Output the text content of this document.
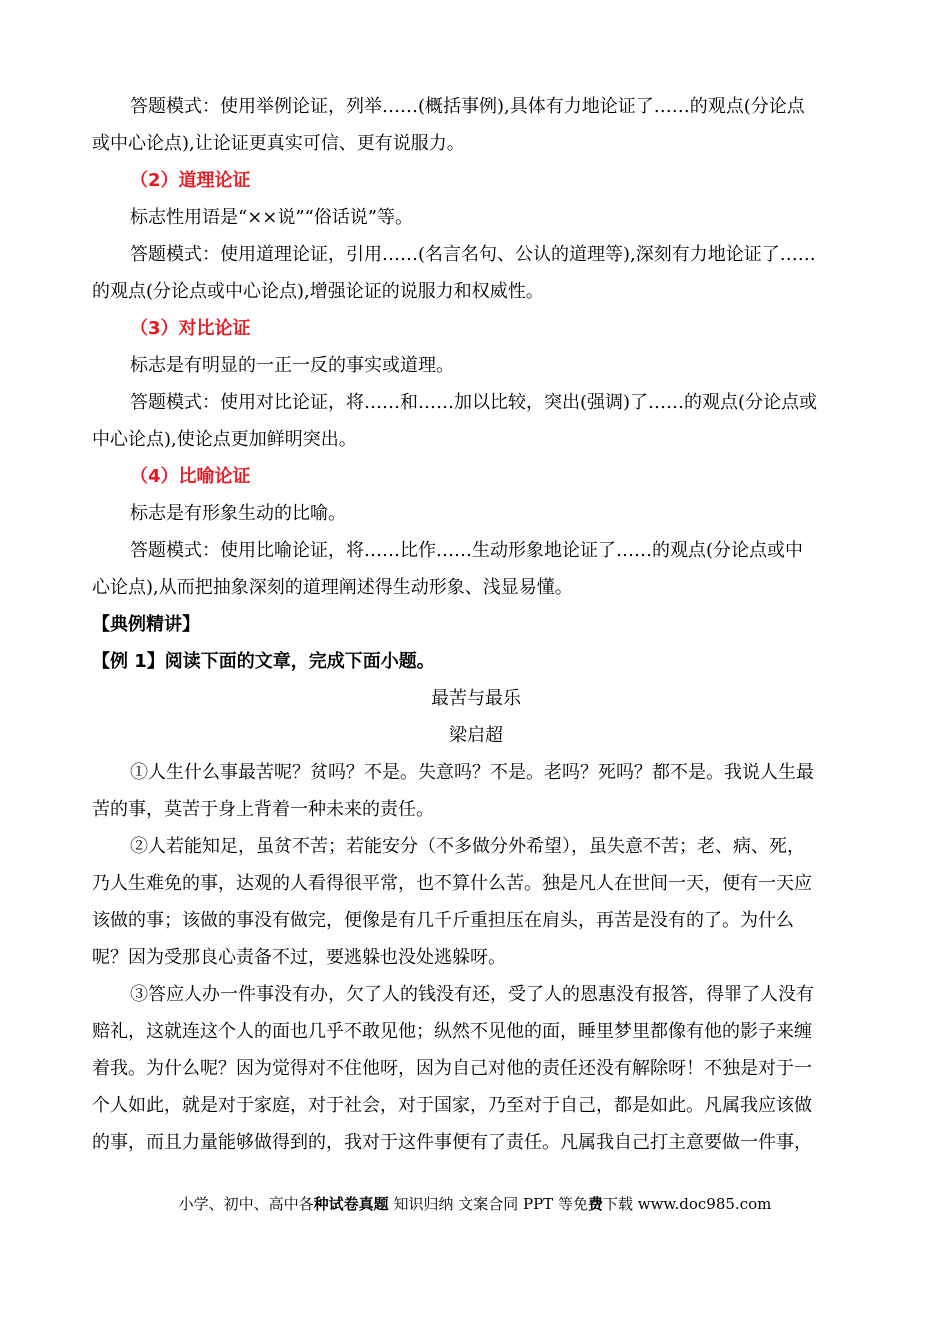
答题模式：使用举例论证，列举……(概括事例),具体有力地论证了……的观点(分论点
或中心论点),让论证更真实可信、更有说服力。
（2）道理论证
标志性用语是“××说”“俗话说”等。
答题模式：使用道理论证，引用……(名言名句、公认的道理等),深刻有力地论证了……
的观点(分论点或中心论点),增强论证的说服力和权威性。
（3）对比论证
标志是有明显的一正一反的事实或道理。
答题模式：使用对比论证，将……和……加以比较，突出(强调)了……的观点(分论点或
中心论点),使论点更加鲜明突出。
（4）比喻论证
标志是有形象生动的比喻。
答题模式：使用比喻论证，将……比作……生动形象地论证了……的观点(分论点或中
心论点),从而把抽象深刻的道理阐述得生动形象、浅显易懂。
【典例精讲】
【例 1】阅读下面的文章，完成下面小题。
最苦与最乐
梁启超
①人生什么事最苦呢？贫吗？不是。失意吗？不是。老吗？死吗？都不是。我说人生最
苦的事，莫苦于身上背着一种未来的责任。
②人若能知足，虽贫不苦；若能安分（不多做分外希望），虽失意不苦；老、病、死，
乃人生难免的事，达观的人看得很平常，也不算什么苦。独是凡人在世间一天，便有一天应
该做的事；该做的事没有做完，便像是有几千斤重担压在肩头，再苦是没有的了。为什么
呢？因为受那良心责备不过，要逃躲也没处逃躲呀。
③答应人办一件事没有办，欠了人的钱没有还，受了人的恩惠没有报答，得罪了人没有
赔礼，这就连这个人的面也几乎不敢见他；纵然不见他的面，睡里梦里都像有他的影子来缠
着我。为什么呢？因为觉得对不住他呀，因为自己对他的责任还没有解除呀！不独是对于一
个人如此，就是对于家庭，对于社会，对于国家，乃至对于自己，都是如此。凡属我应该做
的事，而且力量能够做得到的，我对于这件事便有了责任。凡属我自己打主意要做一件事，
小学、初中、高中各种试卷真题 知识归纳 文案合同 PPT 等免费下载 www.doc985.com
